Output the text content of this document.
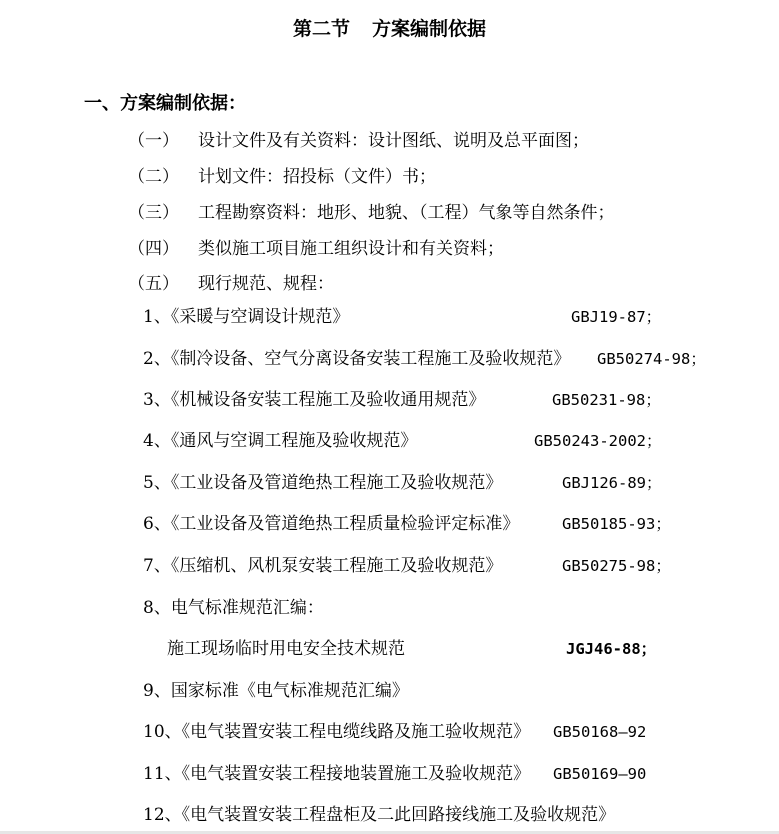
第二节 方案编制依据
一、方案编制依据：
（一） 设计文件及有关资料：设计图纸、说明及总平面图；
（二） 计划文件：招投标（文件）书；
（三） 工程勘察资料：地形、地貌、（工程）气象等自然条件；
（四） 类似施工项目施工组织设计和有关资料；
（五） 现行规范、规程：
1、《采暖与空调设计规范》	GBJ19-87；
2、《制冷设备、空气分离设备安装工程施工及验收规范》 GB50274-98；
3、《机械设备安装工程施工及验收通用规范》	GB50231-98；
4、《通风与空调工程施及验收规范》	GB50243-2002；
5、《工业设备及管道绝热工程施工及验收规范》	GBJ126-89；
6、《工业设备及管道绝热工程质量检验评定标准》	GB50185-93；
7、《压缩机、风机泵安装工程施工及验收规范》	GB50275-98；
8、电气标准规范汇编：
施工现场临时用电安全技术规范	JGJ46-88；
9、国家标准《电气标准规范汇编》
10、《电气装置安装工程电缆线路及施工验收规范》 GB50168—92
11、《电气装置安装工程接地装置施工及验收规范》 GB50169—90
12、《电气装置安装工程盘柜及二此回路接线施工及验收规范》
